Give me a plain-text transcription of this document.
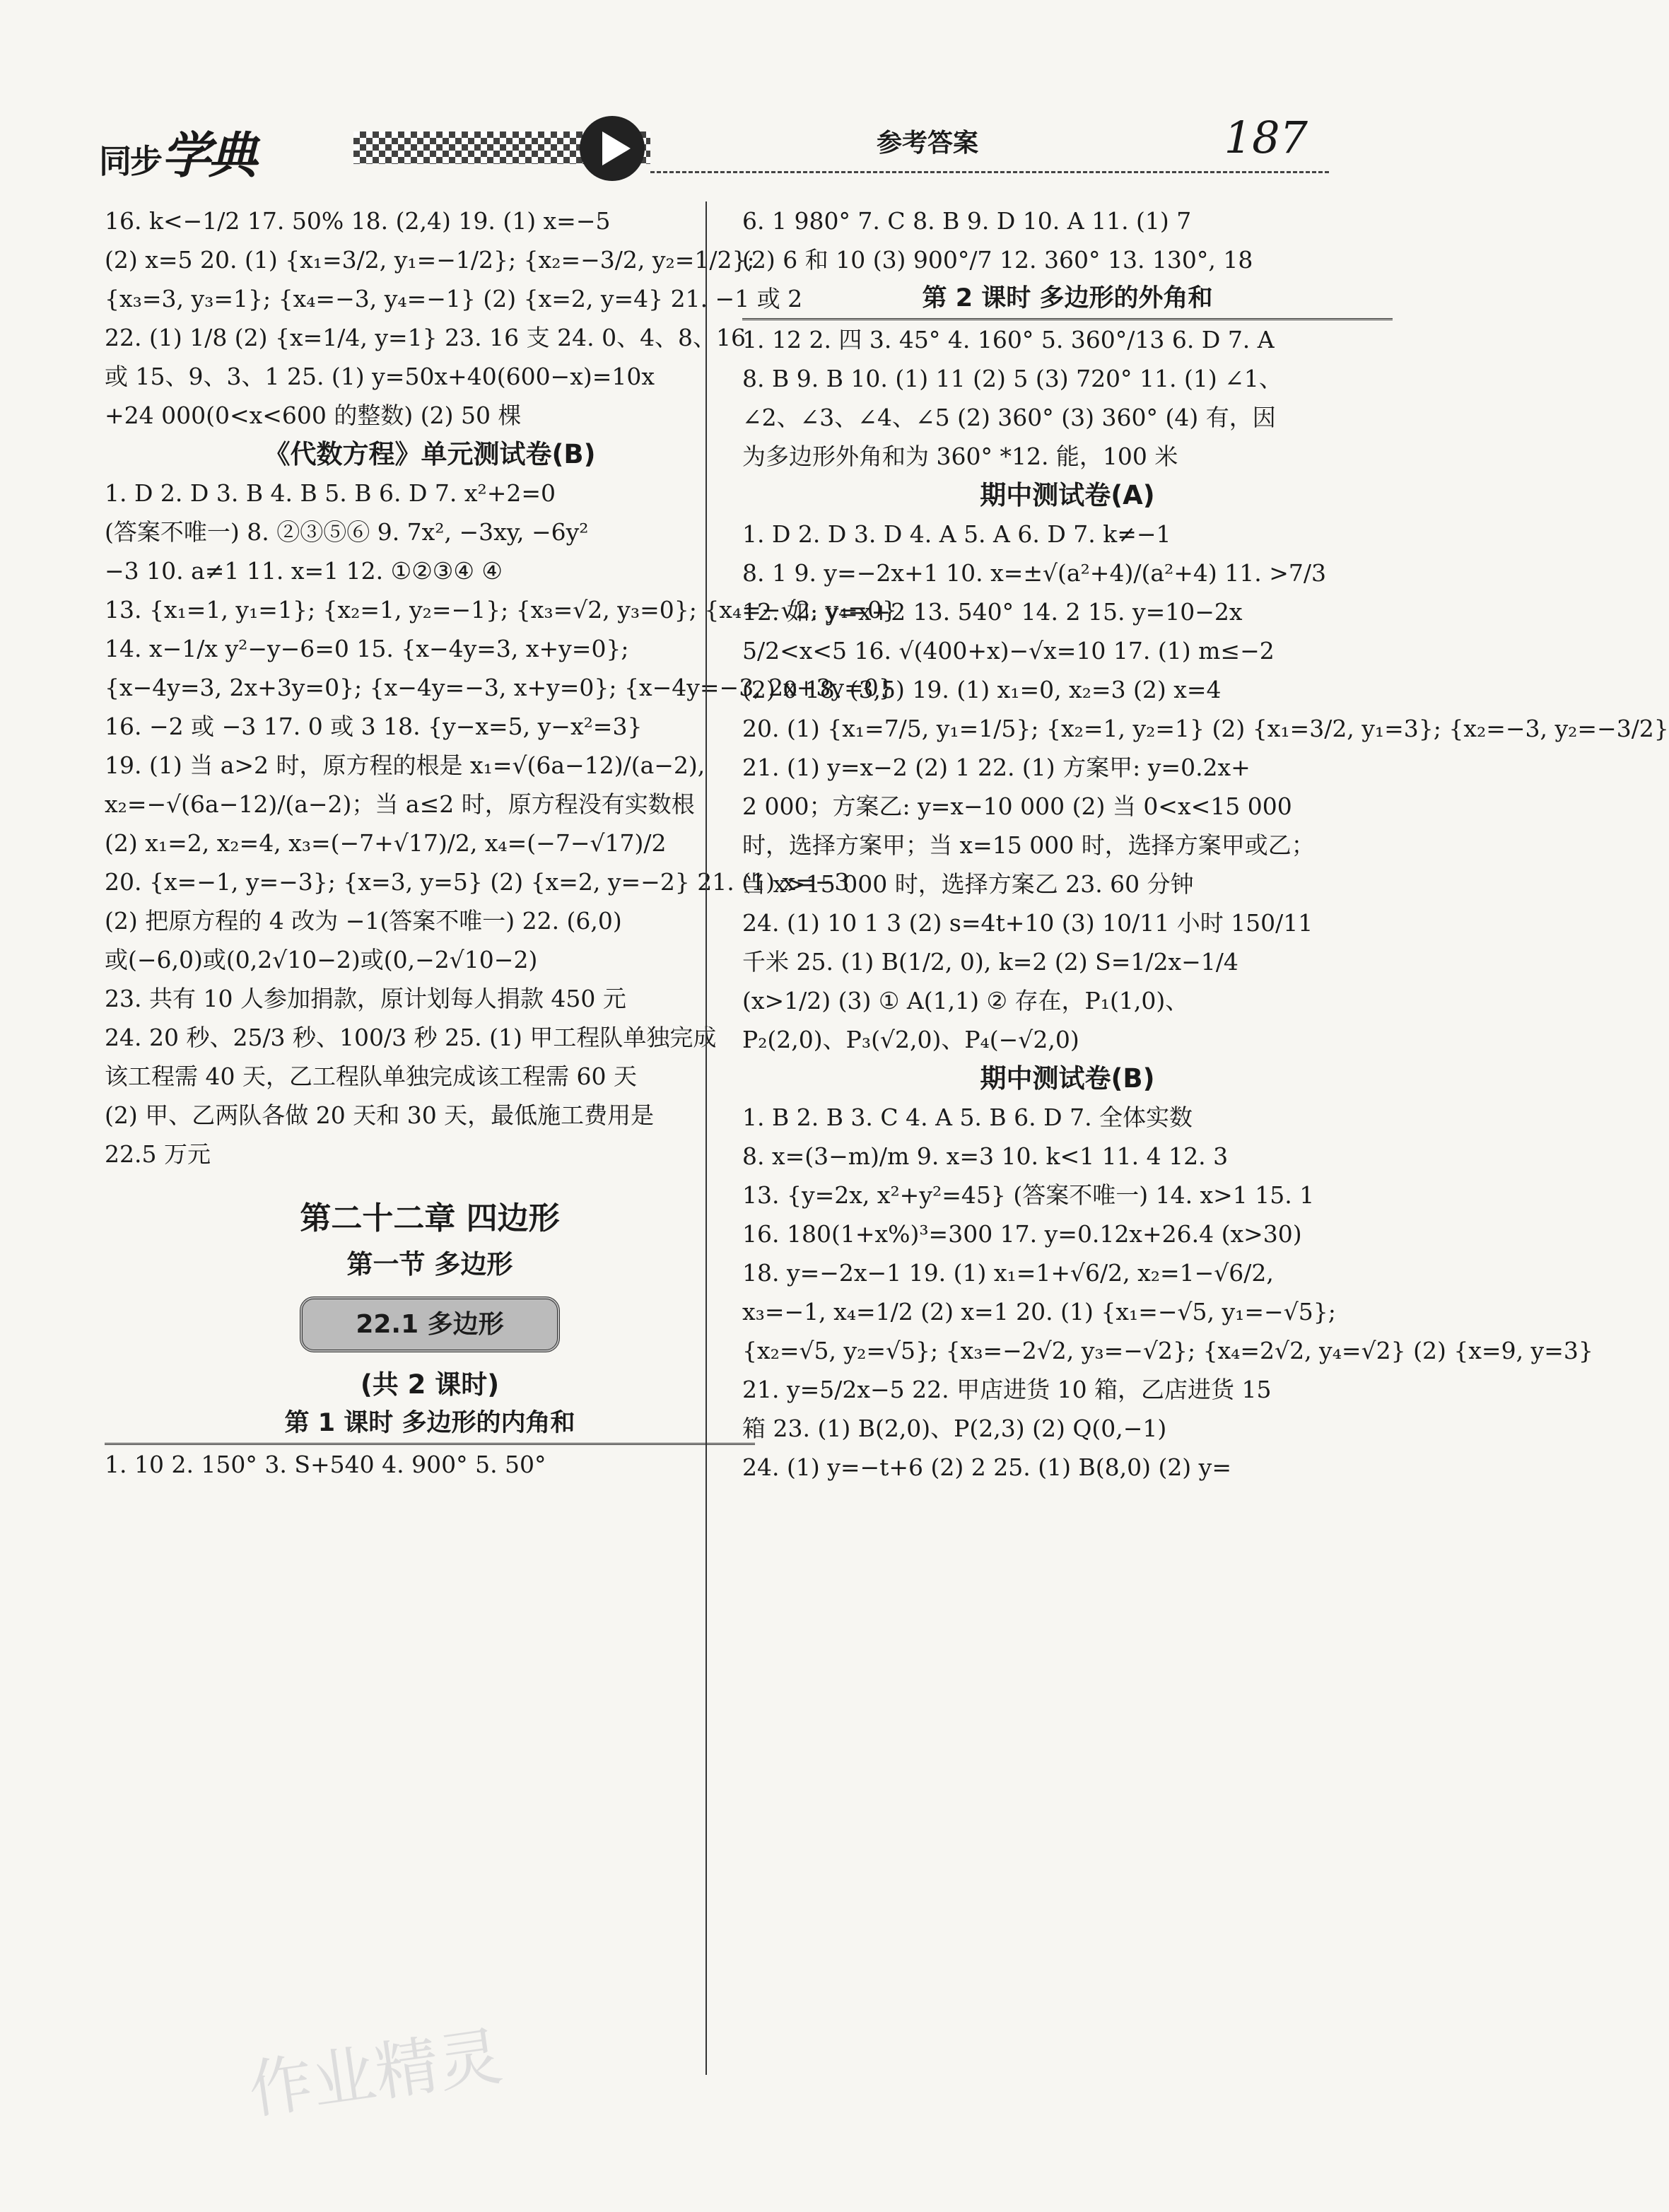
同步学典	参考答案	187
16. k<−1/2 17. 50% 18. (2,4) 19. (1) x=−5
(2) x=5 20. (1) {x₁=3/2, y₁=−1/2}; {x₂=−3/2, y₂=1/2};
{x₃=3, y₃=1}; {x₄=−3, y₄=−1} (2) {x=2, y=4} 21. −1 或 2
22. (1) 1/8 (2) {x=1/4, y=1} 23. 16 支 24. 0、4、8、16
或 15、9、3、1 25. (1) y=50x+40(600−x)=10x
+24 000(0<x<600 的整数) (2) 50 棵
《代数方程》单元测试卷(B)
1. D 2. D 3. B 4. B 5. B 6. D 7. x²+2=0
(答案不唯一) 8. ②③⑤⑥ 9. 7x², −3xy, −6y²
−3 10. a≠1 11. x=1 12. ①②③④ ④
13. {x₁=1, y₁=1}; {x₂=1, y₂=−1}; {x₃=√2, y₃=0}; {x₄=−√2, y₄=0}
14. x−1/x y²−y−6=0 15. {x−4y=3, x+y=0};
{x−4y=3, 2x+3y=0}; {x−4y=−3, x+y=0}; {x−4y=−3, 2x+3y=0}
16. −2 或 −3 17. 0 或 3 18. {y−x=5, y−x²=3}
19. (1) 当 a>2 时，原方程的根是 x₁=√(6a−12)/(a−2),
x₂=−√(6a−12)/(a−2)；当 a≤2 时，原方程没有实数根
(2) x₁=2, x₂=4, x₃=(−7+√17)/2, x₄=(−7−√17)/2
20. {x=−1, y=−3}; {x=3, y=5} (2) {x=2, y=−2} 21. (1) x=−3
(2) 把原方程的 4 改为 −1(答案不唯一) 22. (6,0)
或(−6,0)或(0,2√10−2)或(0,−2√10−2)
23. 共有 10 人参加捐款，原计划每人捐款 450 元
24. 20 秒、25/3 秒、100/3 秒 25. (1) 甲工程队单独完成
该工程需 40 天，乙工程队单独完成该工程需 60 天
(2) 甲、乙两队各做 20 天和 30 天，最低施工费用是
22.5 万元
第二十二章 四边形
第一节 多边形
22.1 多边形
(共 2 课时)
第 1 课时 多边形的内角和
1. 10 2. 150° 3. S+540 4. 900° 5. 50°
6. 1 980° 7. C 8. B 9. D 10. A 11. (1) 7
(2) 6 和 10 (3) 900°/7 12. 360° 13. 130°, 18
第 2 课时 多边形的外角和
1. 12 2. 四 3. 45° 4. 160° 5. 360°/13 6. D 7. A
8. B 9. B 10. (1) 11 (2) 5 (3) 720° 11. (1) ∠1、
∠2、∠3、∠4、∠5 (2) 360° (3) 360° (4) 有，因
为多边形外角和为 360° *12. 能，100 米
期中测试卷(A)
1. D 2. D 3. D 4. A 5. A 6. D 7. k≠−1
8. 1 9. y=−2x+1 10. x=±√(a²+4)/(a²+4) 11. >7/3
12. 如: y=x+2 13. 540° 14. 2 15. y=10−2x
5/2<x<5 16. √(400+x)−√x=10 17. (1) m≤−2
(2) 0 18. (3,5) 19. (1) x₁=0, x₂=3 (2) x=4
20. (1) {x₁=7/5, y₁=1/5}; {x₂=1, y₂=1} (2) {x₁=3/2, y₁=3}; {x₂=−3, y₂=−3/2}
21. (1) y=x−2 (2) 1 22. (1) 方案甲: y=0.2x+
2 000；方案乙: y=x−10 000 (2) 当 0<x<15 000
时，选择方案甲；当 x=15 000 时，选择方案甲或乙；
当 x>15 000 时，选择方案乙 23. 60 分钟
24. (1) 10 1 3 (2) s=4t+10 (3) 10/11 小时 150/11
千米 25. (1) B(1/2, 0), k=2 (2) S=1/2x−1/4
(x>1/2) (3) ① A(1,1) ② 存在，P₁(1,0)、
P₂(2,0)、P₃(√2,0)、P₄(−√2,0)
期中测试卷(B)
1. B 2. B 3. C 4. A 5. B 6. D 7. 全体实数
8. x=(3−m)/m 9. x=3 10. k<1 11. 4 12. 3
13. {y=2x, x²+y²=45} (答案不唯一) 14. x>1 15. 1
16. 180(1+x%)³=300 17. y=0.12x+26.4 (x>30)
18. y=−2x−1 19. (1) x₁=1+√6/2, x₂=1−√6/2,
x₃=−1, x₄=1/2 (2) x=1 20. (1) {x₁=−√5, y₁=−√5};
{x₂=√5, y₂=√5}; {x₃=−2√2, y₃=−√2}; {x₄=2√2, y₄=√2} (2) {x=9, y=3}
21. y=5/2x−5 22. 甲店进货 10 箱，乙店进货 15
箱 23. (1) B(2,0)、P(2,3) (2) Q(0,−1)
24. (1) y=−t+6 (2) 2 25. (1) B(8,0) (2) y=
作业精灵
